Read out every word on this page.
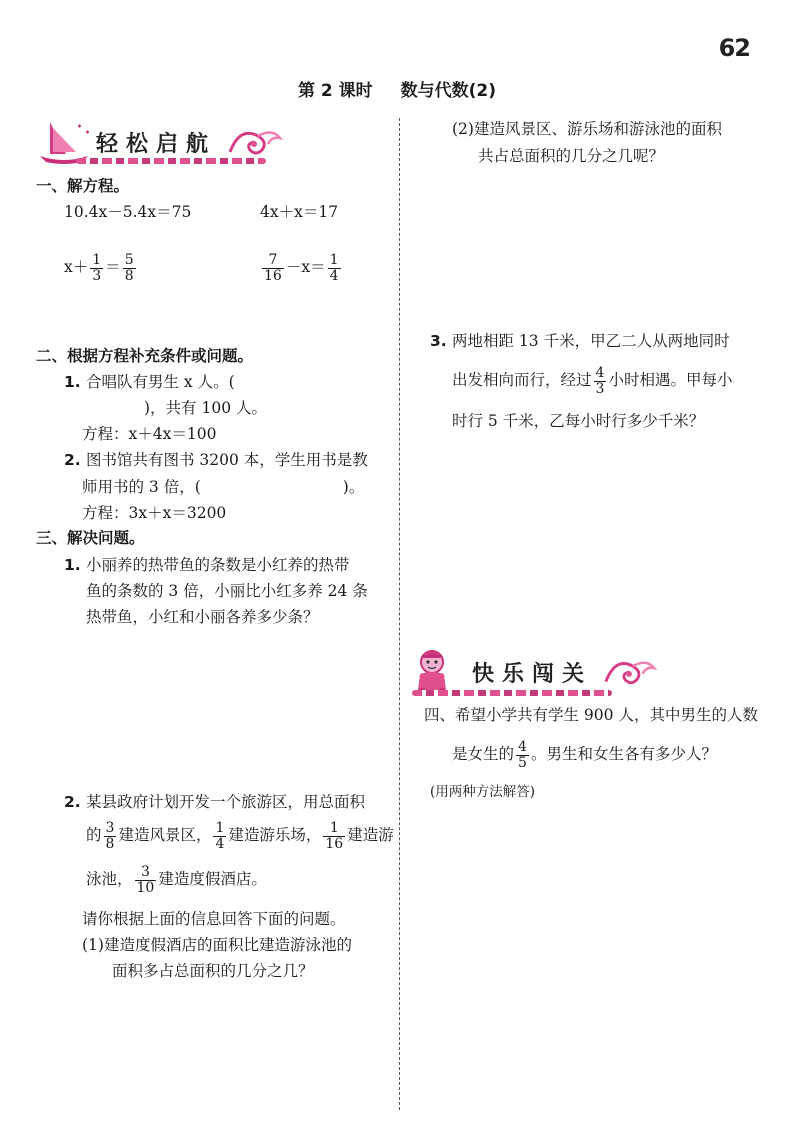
62
第 2 课时 数与代数(2)
轻松启航
一、解方程。
10.4x－5.4x＝75	4x＋x＝17
$x+ \frac{1}{3} = \frac{5}{8}$	$\frac{7}{16} -x= \frac{1}{4}$
二、根据方程补充条件或问题。
1. 合唱队有男生 x 人。(
)，共有 100 人。
方程：x＋4x＝100
2. 图书馆共有图书 3200 本，学生用书是教
师用书的 3 倍，(	)。
方程：3x＋x＝3200
三、解决问题。
1. 小丽养的热带鱼的条数是小红养的热带
鱼的条数的 3 倍，小丽比小红多养 24 条
热带鱼，小红和小丽各养多少条？
2. 某县政府计划开发一个旅游区，用总面积
的 $\frac{3}{8}$ 建造风景区， $\frac{1}{4}$ 建造游乐场， $\frac{1}{16}$ 建造游
泳池， $\frac{3}{10}$ 建造度假酒店。
请你根据上面的信息回答下面的问题。
(1)建造度假酒店的面积比建造游泳池的
面积多占总面积的几分之几？
(2)建造风景区、游乐场和游泳池的面积
共占总面积的几分之几呢？
3. 两地相距 13 千米，甲乙二人从两地同时
出发相向而行，经过 $\frac{4}{3}$ 小时相遇。甲每小
时行 5 千米，乙每小时行多少千米？
快乐闯关
四、希望小学共有学生 900 人，其中男生的人数
是女生的 $\frac{4}{5}$ 。男生和女生各有多少人？
(用两种方法解答)
